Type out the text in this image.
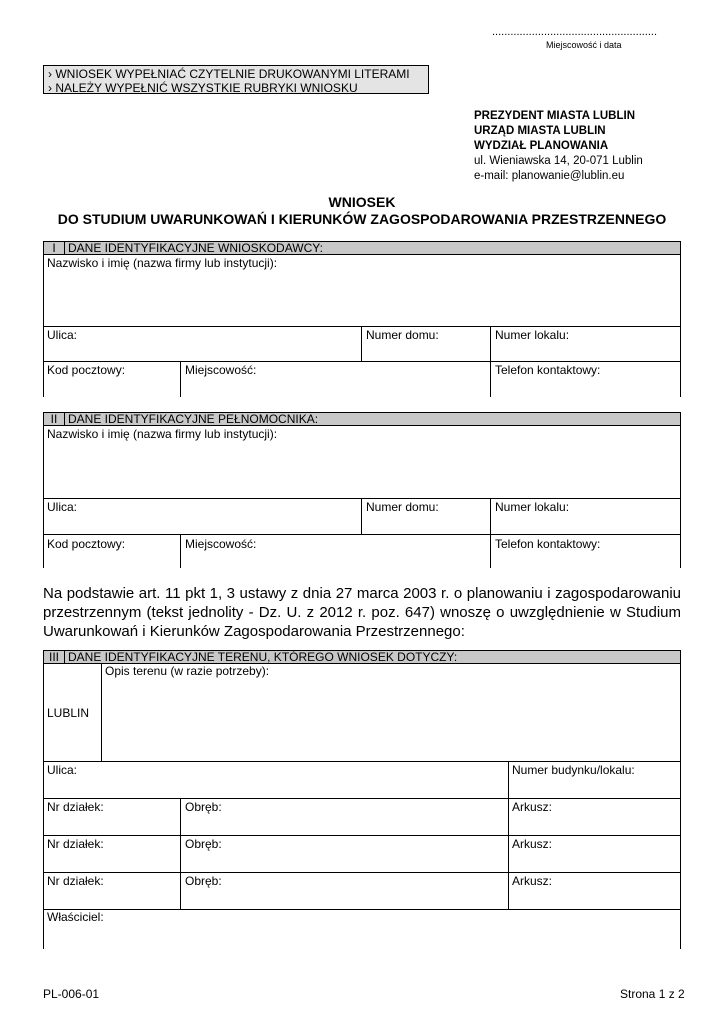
......................................................
Miejscowość i data
› WNIOSEK WYPEŁNIAĆ CZYTELNIE DRUKOWANYMI LITERAMI
› NALEŻY WYPEŁNIĆ WSZYSTKIE RUBRYKI WNIOSKU
PREZYDENT MIASTA LUBLIN
URZĄD MIASTA LUBLIN
WYDZIAŁ PLANOWANIA
ul. Wieniawska 14, 20-071 Lublin
e-mail: planowanie@lublin.eu
WNIOSEK
DO STUDIUM UWARUNKOWAŃ I KIERUNKÓW ZAGOSPODAROWANIA PRZESTRZENNEGO
I DANE IDENTYFIKACYJNE WNIOSKODAWCY:
Nazwisko i imię (nazwa firmy lub instytucji):
Ulica:	Numer domu:	Numer lokalu:
Kod pocztowy:	Miejscowość:	Telefon kontaktowy:
II DANE IDENTYFIKACYJNE PEŁNOMOCNIKA:
Nazwisko i imię (nazwa firmy lub instytucji):
Ulica:	Numer domu:	Numer lokalu:
Kod pocztowy:	Miejscowość:	Telefon kontaktowy:
Na podstawie art. 11 pkt 1, 3 ustawy z dnia 27 marca 2003 r. o planowaniu i zagospodarowaniu przestrzennym (tekst jednolity - Dz. U. z 2012 r. poz. 647) wnoszę o uwzględnienie w Studium Uwarunkowań i Kierunków Zagospodarowania Przestrzennego:
III DANE IDENTYFIKACYJNE TERENU, KTÓREGO WNIOSEK DOTYCZY:
LUBLIN
Opis terenu (w razie potrzeby):
Ulica:	Numer budynku/lokalu:
Nr działek:	Obręb:	Arkusz:
Nr działek:	Obręb:	Arkusz:
Nr działek:	Obręb:	Arkusz:
Właściciel:
PL-006-01	Strona 1 z 2
